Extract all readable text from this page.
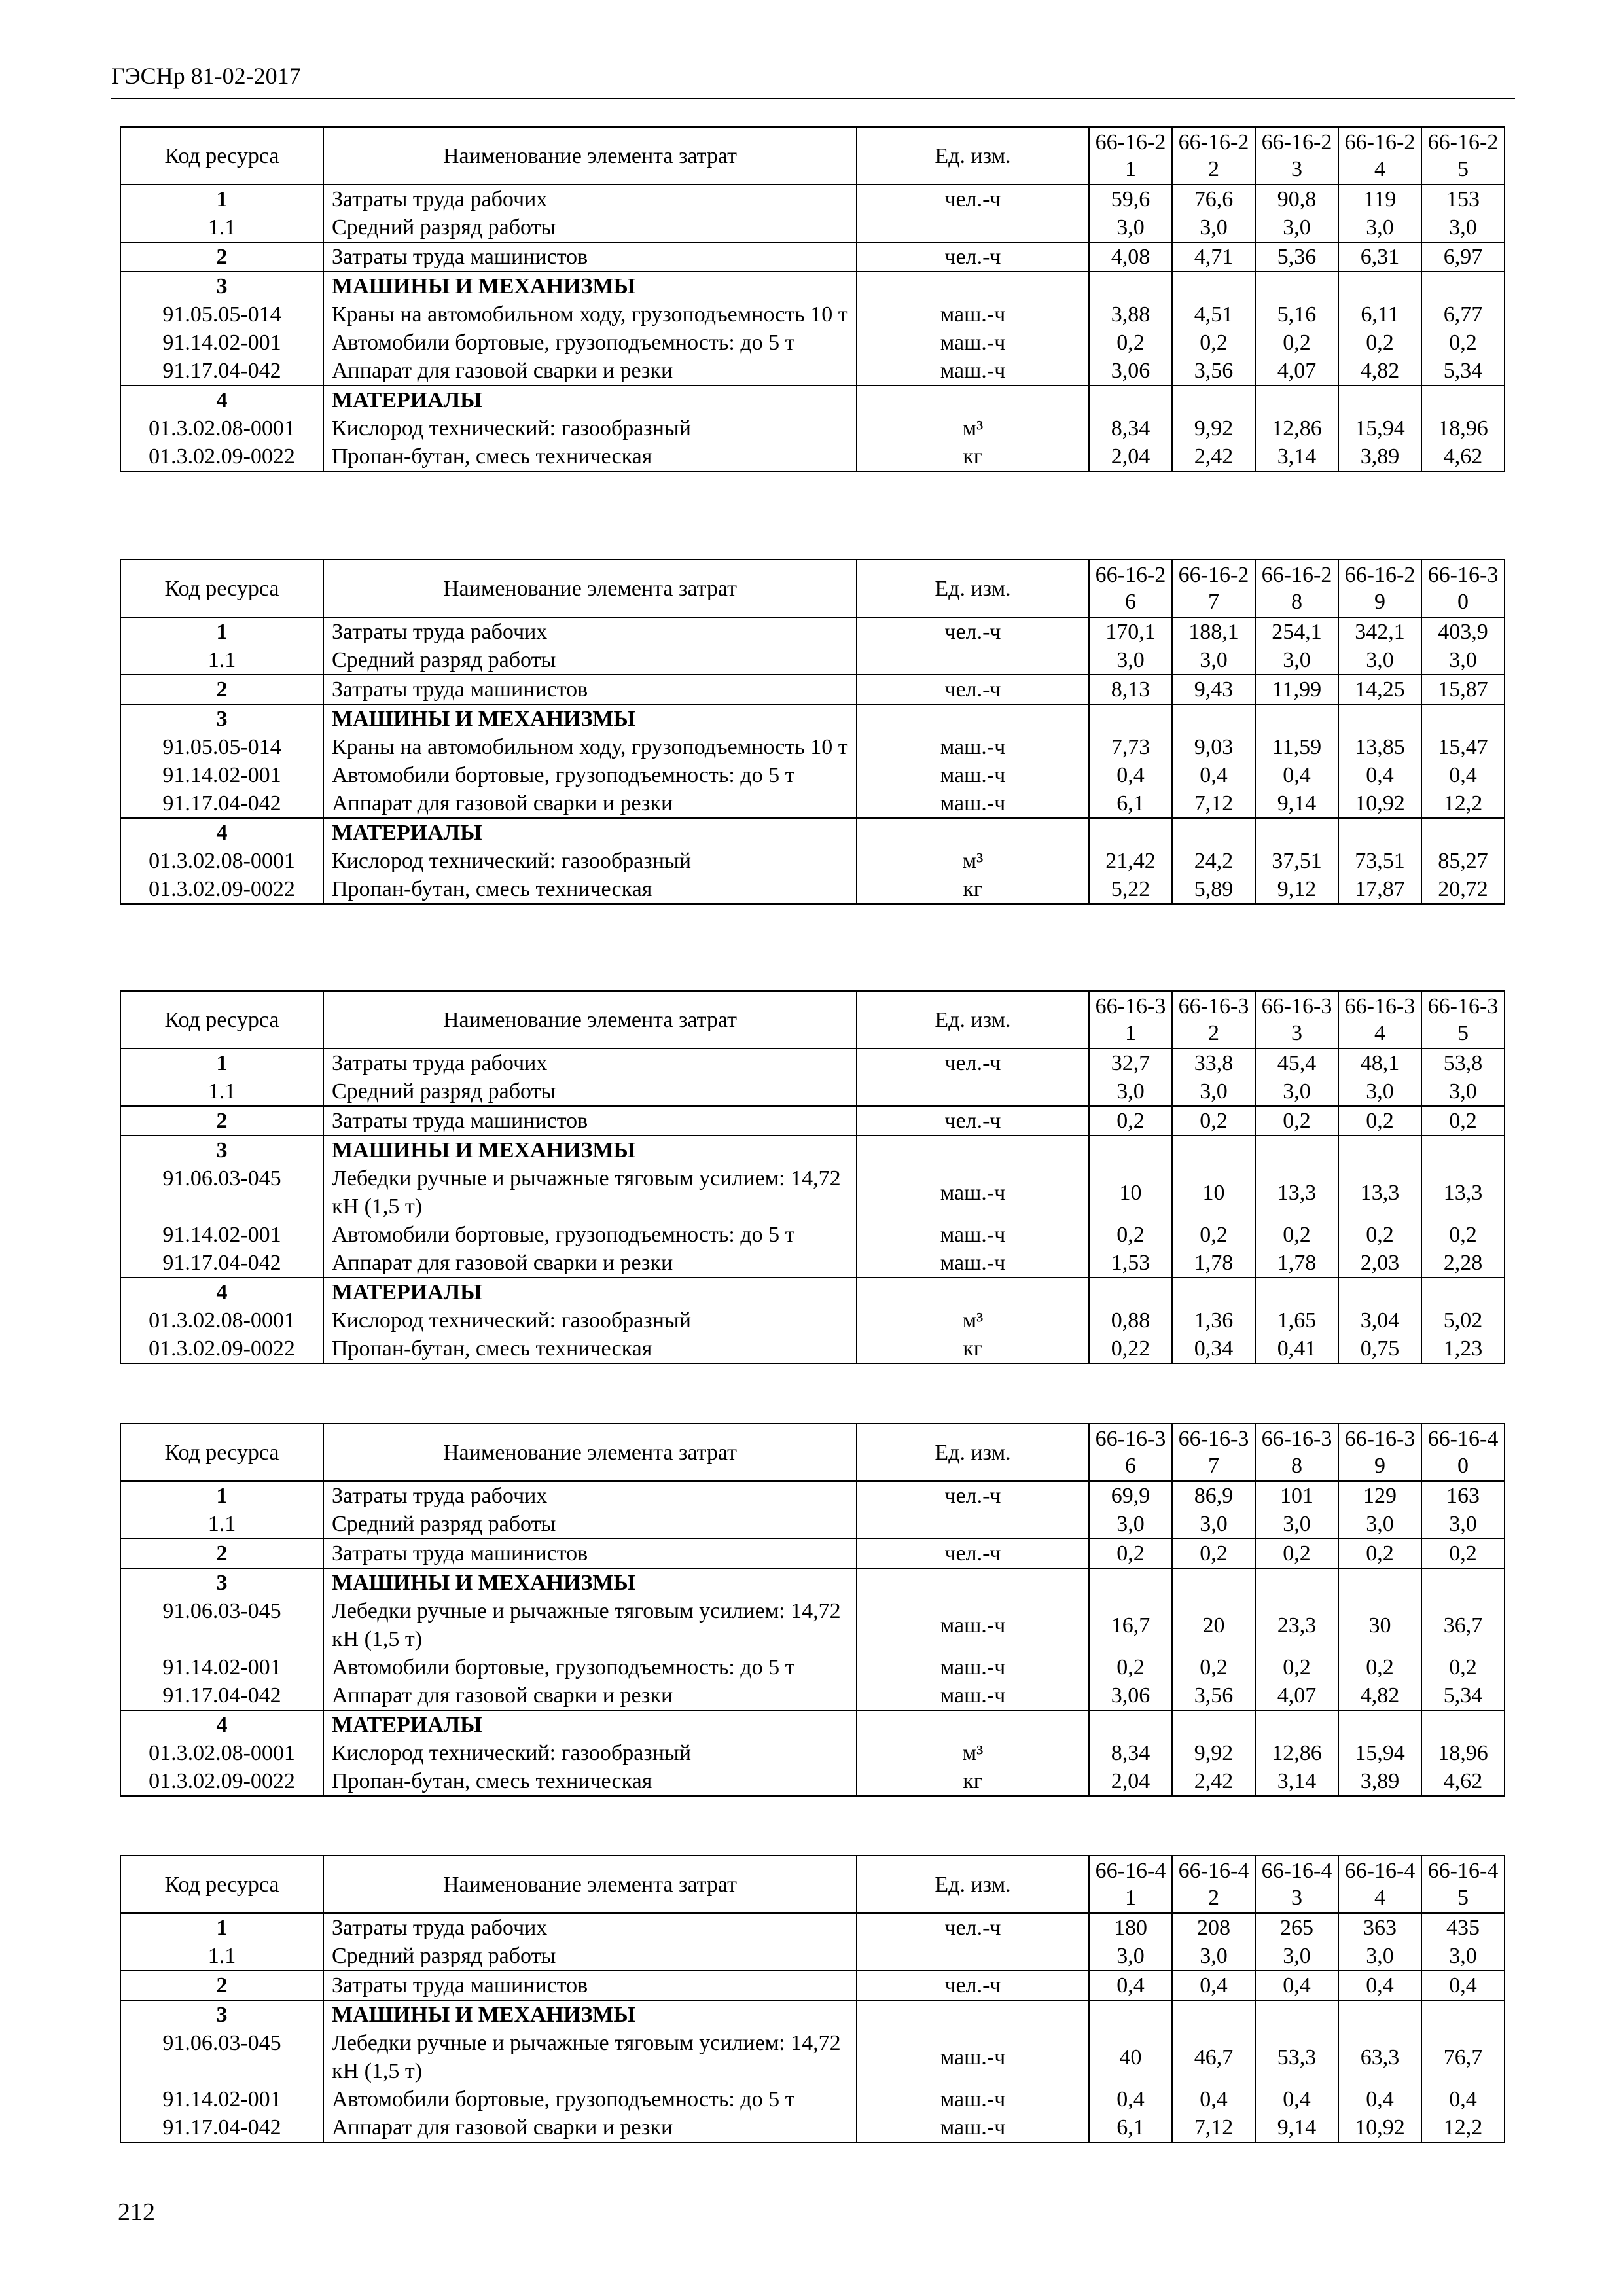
ГЭСНр 81-02-2017
Код ресурса	Наименование элемента затрат	Ед. изм.	66-16-21	66-16-22	66-16-23	66-16-24	66-16-25
1	Затраты труда рабочих	чел.-ч	59,6	76,6	90,8	119	153
1.1	Средний разряд работы		3,0	3,0	3,0	3,0	3,0
2	Затраты труда машинистов	чел.-ч	4,08	4,71	5,36	6,31	6,97
3	МАШИНЫ И МЕХАНИЗМЫ						
91.05.05-014	Краны на автомобильном ходу, грузоподъемность 10 т	маш.-ч	3,88	4,51	5,16	6,11	6,77
91.14.02-001	Автомобили бортовые, грузоподъемность: до 5 т	маш.-ч	0,2	0,2	0,2	0,2	0,2
91.17.04-042	Аппарат для газовой сварки и резки	маш.-ч	3,06	3,56	4,07	4,82	5,34
4	МАТЕРИАЛЫ						
01.3.02.08-0001	Кислород технический: газообразный	м³	8,34	9,92	12,86	15,94	18,96
01.3.02.09-0022	Пропан-бутан, смесь техническая	кг	2,04	2,42	3,14	3,89	4,62
Код ресурса	Наименование элемента затрат	Ед. изм.	66-16-26	66-16-27	66-16-28	66-16-29	66-16-30
1	Затраты труда рабочих	чел.-ч	170,1	188,1	254,1	342,1	403,9
1.1	Средний разряд работы		3,0	3,0	3,0	3,0	3,0
2	Затраты труда машинистов	чел.-ч	8,13	9,43	11,99	14,25	15,87
3	МАШИНЫ И МЕХАНИЗМЫ						
91.05.05-014	Краны на автомобильном ходу, грузоподъемность 10 т	маш.-ч	7,73	9,03	11,59	13,85	15,47
91.14.02-001	Автомобили бортовые, грузоподъемность: до 5 т	маш.-ч	0,4	0,4	0,4	0,4	0,4
91.17.04-042	Аппарат для газовой сварки и резки	маш.-ч	6,1	7,12	9,14	10,92	12,2
4	МАТЕРИАЛЫ						
01.3.02.08-0001	Кислород технический: газообразный	м³	21,42	24,2	37,51	73,51	85,27
01.3.02.09-0022	Пропан-бутан, смесь техническая	кг	5,22	5,89	9,12	17,87	20,72
Код ресурса	Наименование элемента затрат	Ед. изм.	66-16-31	66-16-32	66-16-33	66-16-34	66-16-35
1	Затраты труда рабочих	чел.-ч	32,7	33,8	45,4	48,1	53,8
1.1	Средний разряд работы		3,0	3,0	3,0	3,0	3,0
2	Затраты труда машинистов	чел.-ч	0,2	0,2	0,2	0,2	0,2
3	МАШИНЫ И МЕХАНИЗМЫ						
91.06.03-045	Лебедки ручные и рычажные тяговым усилием: 14,72 кН (1,5 т)	маш.-ч	10	10	13,3	13,3	13,3
91.14.02-001	Автомобили бортовые, грузоподъемность: до 5 т	маш.-ч	0,2	0,2	0,2	0,2	0,2
91.17.04-042	Аппарат для газовой сварки и резки	маш.-ч	1,53	1,78	1,78	2,03	2,28
4	МАТЕРИАЛЫ						
01.3.02.08-0001	Кислород технический: газообразный	м³	0,88	1,36	1,65	3,04	5,02
01.3.02.09-0022	Пропан-бутан, смесь техническая	кг	0,22	0,34	0,41	0,75	1,23
Код ресурса	Наименование элемента затрат	Ед. изм.	66-16-36	66-16-37	66-16-38	66-16-39	66-16-40
1	Затраты труда рабочих	чел.-ч	69,9	86,9	101	129	163
1.1	Средний разряд работы		3,0	3,0	3,0	3,0	3,0
2	Затраты труда машинистов	чел.-ч	0,2	0,2	0,2	0,2	0,2
3	МАШИНЫ И МЕХАНИЗМЫ						
91.06.03-045	Лебедки ручные и рычажные тяговым усилием: 14,72 кН (1,5 т)	маш.-ч	16,7	20	23,3	30	36,7
91.14.02-001	Автомобили бортовые, грузоподъемность: до 5 т	маш.-ч	0,2	0,2	0,2	0,2	0,2
91.17.04-042	Аппарат для газовой сварки и резки	маш.-ч	3,06	3,56	4,07	4,82	5,34
4	МАТЕРИАЛЫ						
01.3.02.08-0001	Кислород технический: газообразный	м³	8,34	9,92	12,86	15,94	18,96
01.3.02.09-0022	Пропан-бутан, смесь техническая	кг	2,04	2,42	3,14	3,89	4,62
Код ресурса	Наименование элемента затрат	Ед. изм.	66-16-41	66-16-42	66-16-43	66-16-44	66-16-45
1	Затраты труда рабочих	чел.-ч	180	208	265	363	435
1.1	Средний разряд работы		3,0	3,0	3,0	3,0	3,0
2	Затраты труда машинистов	чел.-ч	0,4	0,4	0,4	0,4	0,4
3	МАШИНЫ И МЕХАНИЗМЫ						
91.06.03-045	Лебедки ручные и рычажные тяговым усилием: 14,72 кН (1,5 т)	маш.-ч	40	46,7	53,3	63,3	76,7
91.14.02-001	Автомобили бортовые, грузоподъемность: до 5 т	маш.-ч	0,4	0,4	0,4	0,4	0,4
91.17.04-042	Аппарат для газовой сварки и резки	маш.-ч	6,1	7,12	9,14	10,92	12,2
212
